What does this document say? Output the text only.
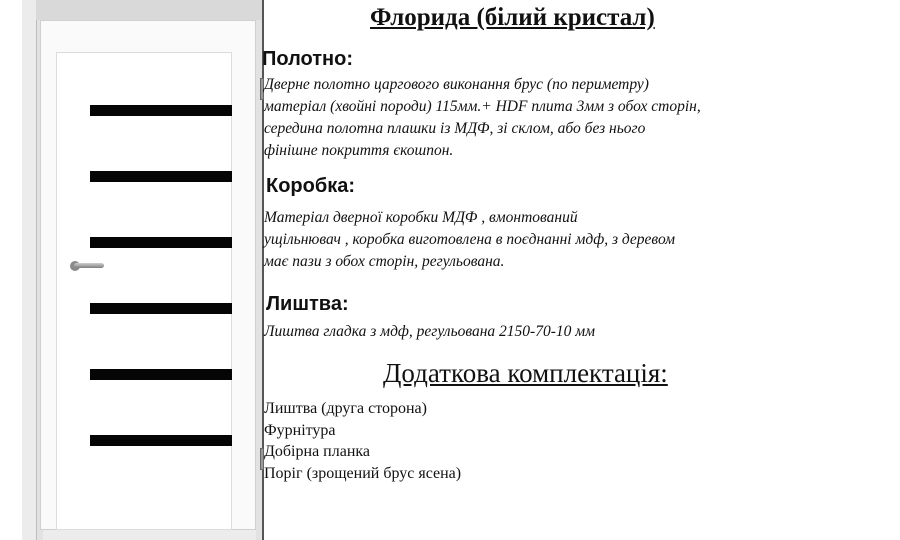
Флорида (білий кристал)
Полотно:
Дверне полотно царгового виконання брус (по периметру)
матеріал (хвойні породи) 115мм.+ HDF плита 3мм з обох сторін,
середина полотна плашки із МДФ, зі склом, або без нього
фінішне покриття єкошпон.
Коробка:
Матеріал дверної коробки МДФ , вмонтований
ущільнювач , коробка виготовлена в поєднанні мдф, з деревом
має пази з обох сторін, регульована.
Лиштва:
Лиштва гладка з мдф, регульована 2150-70-10 мм
Додаткова комплектація:
Лиштва (друга сторона)
Фурнітура
Добірна планка
Поріг (зрощений брус ясена)
